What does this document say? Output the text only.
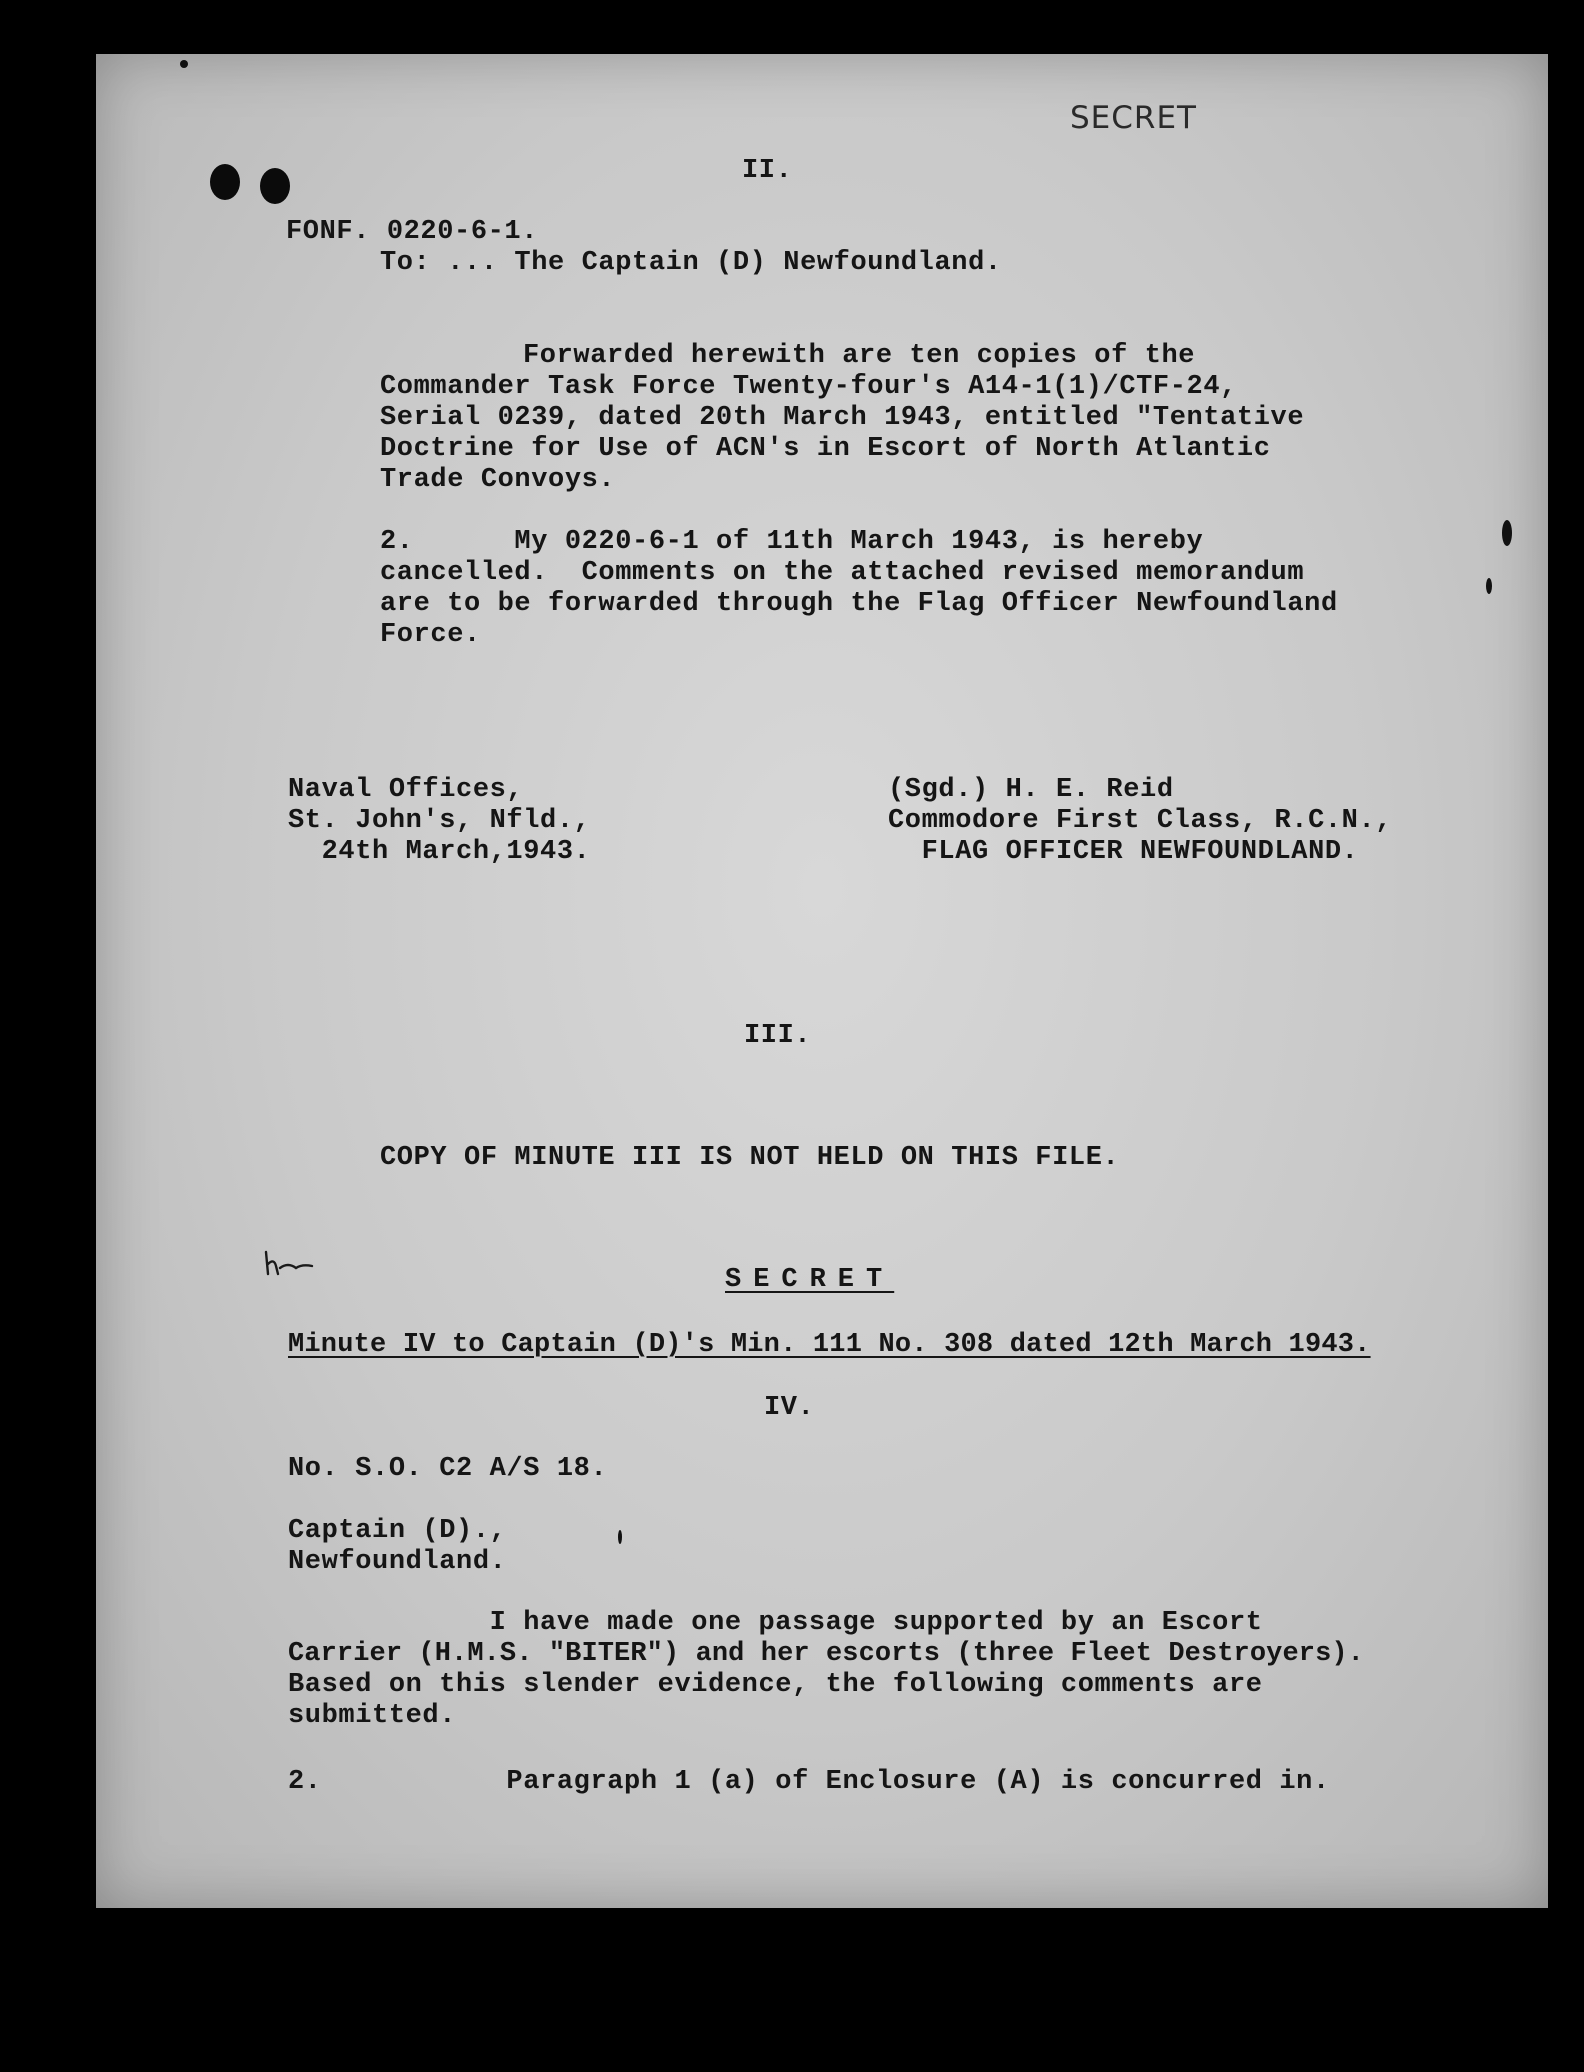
SECRET
II.
FONF. 0220-6-1.
To: ... The Captain (D) Newfoundland.
Forwarded herewith are ten copies of the
Commander Task Force Twenty-four's A14-1(1)/CTF-24,
Serial 0239, dated 20th March 1943, entitled "Tentative
Doctrine for Use of ACN's in Escort of North Atlantic
Trade Convoys.
2.      My 0220-6-1 of 11th March 1943, is hereby
cancelled.  Comments on the attached revised memorandum
are to be forwarded through the Flag Officer Newfoundland
Force.
Naval Offices,
St. John's, Nfld.,
24th March,1943.
(Sgd.) H. E. Reid
Commodore First Class, R.C.N.,
FLAG OFFICER NEWFOUNDLAND.
III.
COPY OF MINUTE III IS NOT HELD ON THIS FILE.
SECRET
Minute IV to Captain (D)'s Min. 111 No. 308 dated 12th March 1943.
IV.
No. S.O. C2 A/S 18.
Captain (D).,
Newfoundland.
I have made one passage supported by an Escort
Carrier (H.M.S. "BITER") and her escorts (three Fleet Destroyers).
Based on this slender evidence, the following comments are
submitted.
2.           Paragraph 1 (a) of Enclosure (A) is concurred in.
